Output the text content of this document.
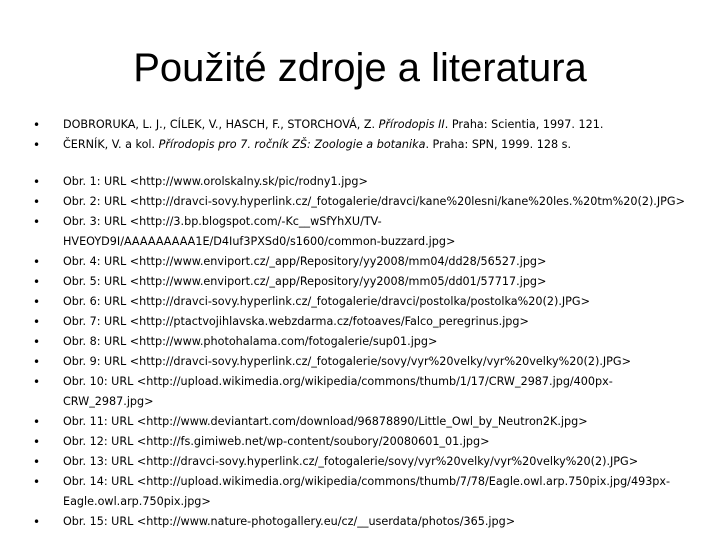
Použité zdroje a literatura
• DOBRORUKA, L. J., CÍLEK, V., HASCH, F., STORCHOVÁ, Z. Přírodopis II. Praha: Scientia, 1997. 121.
• ČERNÍK, V. a kol. Přírodopis pro 7. ročník ZŠ: Zoologie a botanika. Praha: SPN, 1999. 128 s.
• Obr. 1: URL <http://www.orolskalny.sk/pic/rodny1.jpg>
• Obr. 2: URL <http://dravci-sovy.hyperlink.cz/_fotogalerie/dravci/kane%20lesni/kane%20les.%20tm%20(2).JPG>
• Obr. 3: URL <http://3.bp.blogspot.com/-Kc__wSfYhXU/TV-
HVEOYD9I/AAAAAAAAA1E/D4Iuf3PXSd0/s1600/common-buzzard.jpg>
• Obr. 4: URL <http://www.enviport.cz/_app/Repository/yy2008/mm04/dd28/56527.jpg>
• Obr. 5: URL <http://www.enviport.cz/_app/Repository/yy2008/mm05/dd01/57717.jpg>
• Obr. 6: URL <http://dravci-sovy.hyperlink.cz/_fotogalerie/dravci/postolka/postolka%20(2).JPG>
• Obr. 7: URL <http://ptactvojihlavska.webzdarma.cz/fotoaves/Falco_peregrinus.jpg>
• Obr. 8: URL <http://www.photohalama.com/fotogalerie/sup01.jpg>
• Obr. 9: URL <http://dravci-sovy.hyperlink.cz/_fotogalerie/sovy/vyr%20velky/vyr%20velky%20(2).JPG>
• Obr. 10: URL <http://upload.wikimedia.org/wikipedia/commons/thumb/1/17/CRW_2987.jpg/400px-
CRW_2987.jpg>
• Obr. 11: URL <http://www.deviantart.com/download/96878890/Little_Owl_by_Neutron2K.jpg>
• Obr. 12: URL <http://fs.gimiweb.net/wp-content/soubory/20080601_01.jpg>
• Obr. 13: URL <http://dravci-sovy.hyperlink.cz/_fotogalerie/sovy/vyr%20velky/vyr%20velky%20(2).JPG>
• Obr. 14: URL <http://upload.wikimedia.org/wikipedia/commons/thumb/7/78/Eagle.owl.arp.750pix.jpg/493px-
Eagle.owl.arp.750pix.jpg>
• Obr. 15: URL <http://www.nature-photogallery.eu/cz/__userdata/photos/365.jpg>
